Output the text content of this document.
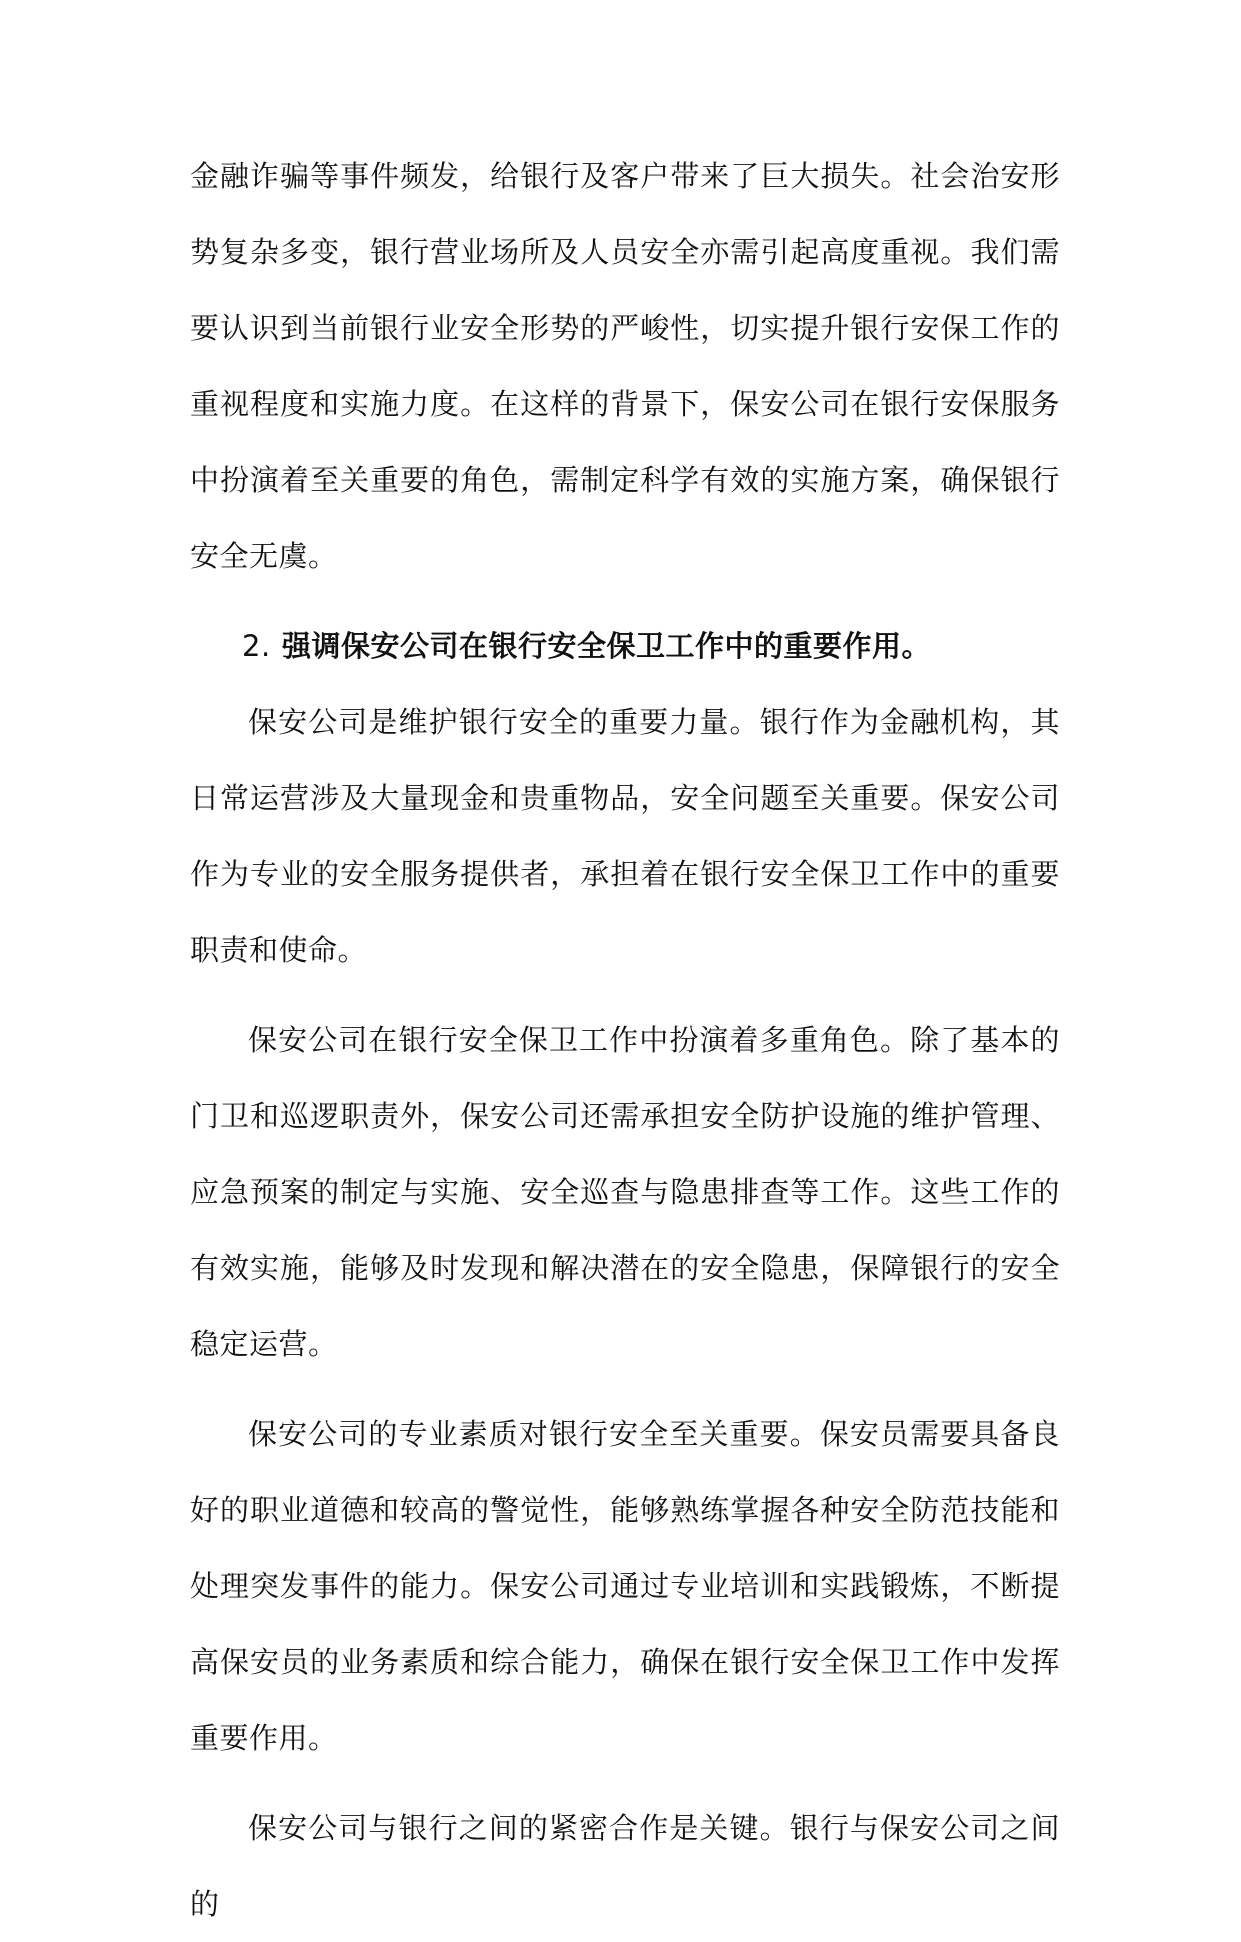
金融诈骗等事件频发，给银行及客户带来了巨大损失。社会治安形势复杂多变，银行营业场所及人员安全亦需引起高度重视。我们需要认识到当前银行业安全形势的严峻性，切实提升银行安保工作的重视程度和实施力度。在这样的背景下，保安公司在银行安保服务中扮演着至关重要的角色，需制定科学有效的实施方案，确保银行安全无虞。

2. 强调保安公司在银行安全保卫工作中的重要作用。

保安公司是维护银行安全的重要力量。银行作为金融机构，其日常运营涉及大量现金和贵重物品，安全问题至关重要。保安公司作为专业的安全服务提供者，承担着在银行安全保卫工作中的重要职责和使命。

保安公司在银行安全保卫工作中扮演着多重角色。除了基本的门卫和巡逻职责外，保安公司还需承担安全防护设施的维护管理、应急预案的制定与实施、安全巡查与隐患排查等工作。这些工作的有效实施，能够及时发现和解决潜在的安全隐患，保障银行的安全稳定运营。

保安公司的专业素质对银行安全至关重要。保安员需要具备良好的职业道德和较高的警觉性，能够熟练掌握各种安全防范技能和处理突发事件的能力。保安公司通过专业培训和实践锻炼，不断提高保安员的业务素质和综合能力，确保在银行安全保卫工作中发挥重要作用。

保安公司与银行之间的紧密合作是关键。银行与保安公司之间的
